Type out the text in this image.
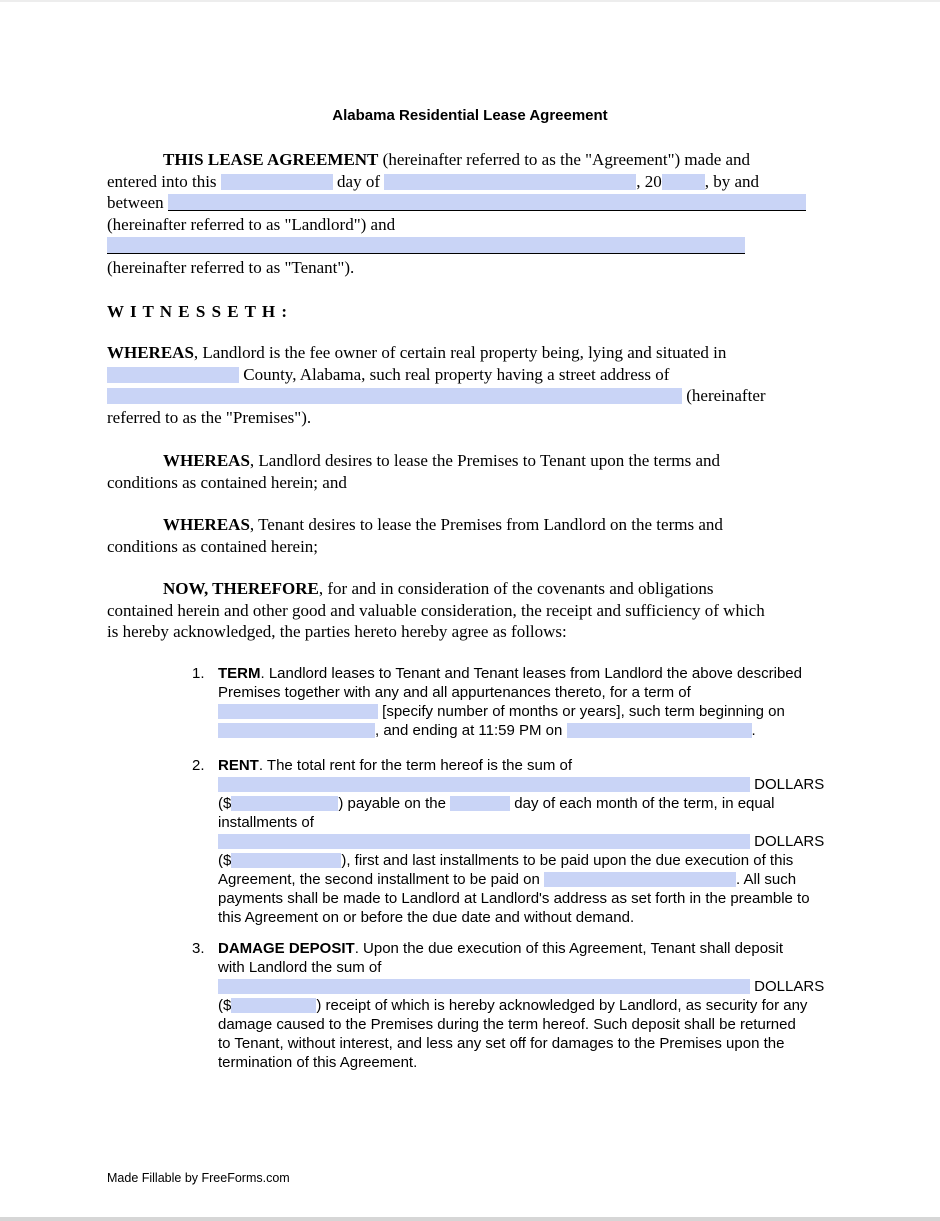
Alabama Residential Lease Agreement
THIS LEASE AGREEMENT (hereinafter referred to as the "Agreement") made and
entered into this	day of	, 20	, by and
between
(hereinafter referred to as "Landlord") and

(hereinafter referred to as "Tenant").
W I T N E S S E T H :
WHEREAS, Landlord is the fee owner of certain real property being, lying and situated in
County, Alabama, such real property having a street address of
(hereinafter
referred to as the "Premises").
WHEREAS, Landlord desires to lease the Premises to Tenant upon the terms and
conditions as contained herein; and
WHEREAS, Tenant desires to lease the Premises from Landlord on the terms and
conditions as contained herein;
NOW, THEREFORE, for and in consideration of the covenants and obligations
contained herein and other good and valuable consideration, the receipt and sufficiency of which
is hereby acknowledged, the parties hereto hereby agree as follows:
1. TERM. Landlord leases to Tenant and Tenant leases from Landlord the above described
Premises together with any and all appurtenances thereto, for a term of
[specify number of months or years], such term beginning on
, and ending at 11:59 PM on	.
2. RENT. The total rent for the term hereof is the sum of
DOLLARS
($	) payable on the	day of each month of the term, in equal
installments of
DOLLARS
($	), first and last installments to be paid upon the due execution of this
Agreement, the second installment to be paid on	. All such
payments shall be made to Landlord at Landlord's address as set forth in the preamble to
this Agreement on or before the due date and without demand.
3. DAMAGE DEPOSIT. Upon the due execution of this Agreement, Tenant shall deposit
with Landlord the sum of
DOLLARS
($	) receipt of which is hereby acknowledged by Landlord, as security for any
damage caused to the Premises during the term hereof. Such deposit shall be returned
to Tenant, without interest, and less any set off for damages to the Premises upon the
termination of this Agreement.
Made Fillable by FreeForms.com
